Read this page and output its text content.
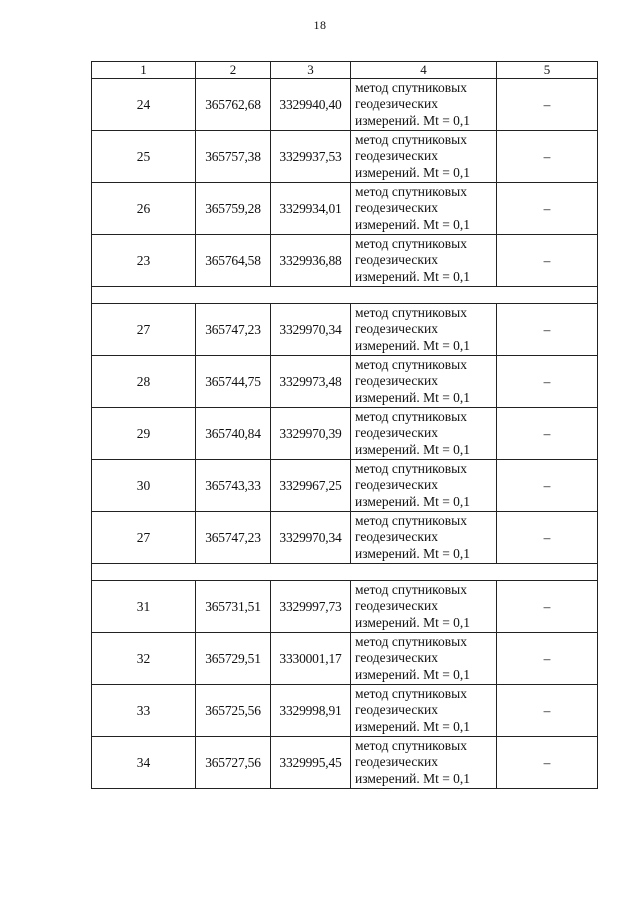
18
1	2	3	4	5
24	365762,68	3329940,40	метод спутниковых
геодезических
измерений. Mt = 0,1	–
25	365757,38	3329937,53	метод спутниковых
геодезических
измерений. Mt = 0,1	–
26	365759,28	3329934,01	метод спутниковых
геодезических
измерений. Mt = 0,1	–
23	365764,58	3329936,88	метод спутниковых
геодезических
измерений. Mt = 0,1	–

27	365747,23	3329970,34	метод спутниковых
геодезических
измерений. Mt = 0,1	–
28	365744,75	3329973,48	метод спутниковых
геодезических
измерений. Mt = 0,1	–
29	365740,84	3329970,39	метод спутниковых
геодезических
измерений. Mt = 0,1	–
30	365743,33	3329967,25	метод спутниковых
геодезических
измерений. Mt = 0,1	–
27	365747,23	3329970,34	метод спутниковых
геодезических
измерений. Mt = 0,1	–

31	365731,51	3329997,73	метод спутниковых
геодезических
измерений. Mt = 0,1	–
32	365729,51	3330001,17	метод спутниковых
геодезических
измерений. Mt = 0,1	–
33	365725,56	3329998,91	метод спутниковых
геодезических
измерений. Mt = 0,1	–
34	365727,56	3329995,45	метод спутниковых
геодезических
измерений. Mt = 0,1	–
